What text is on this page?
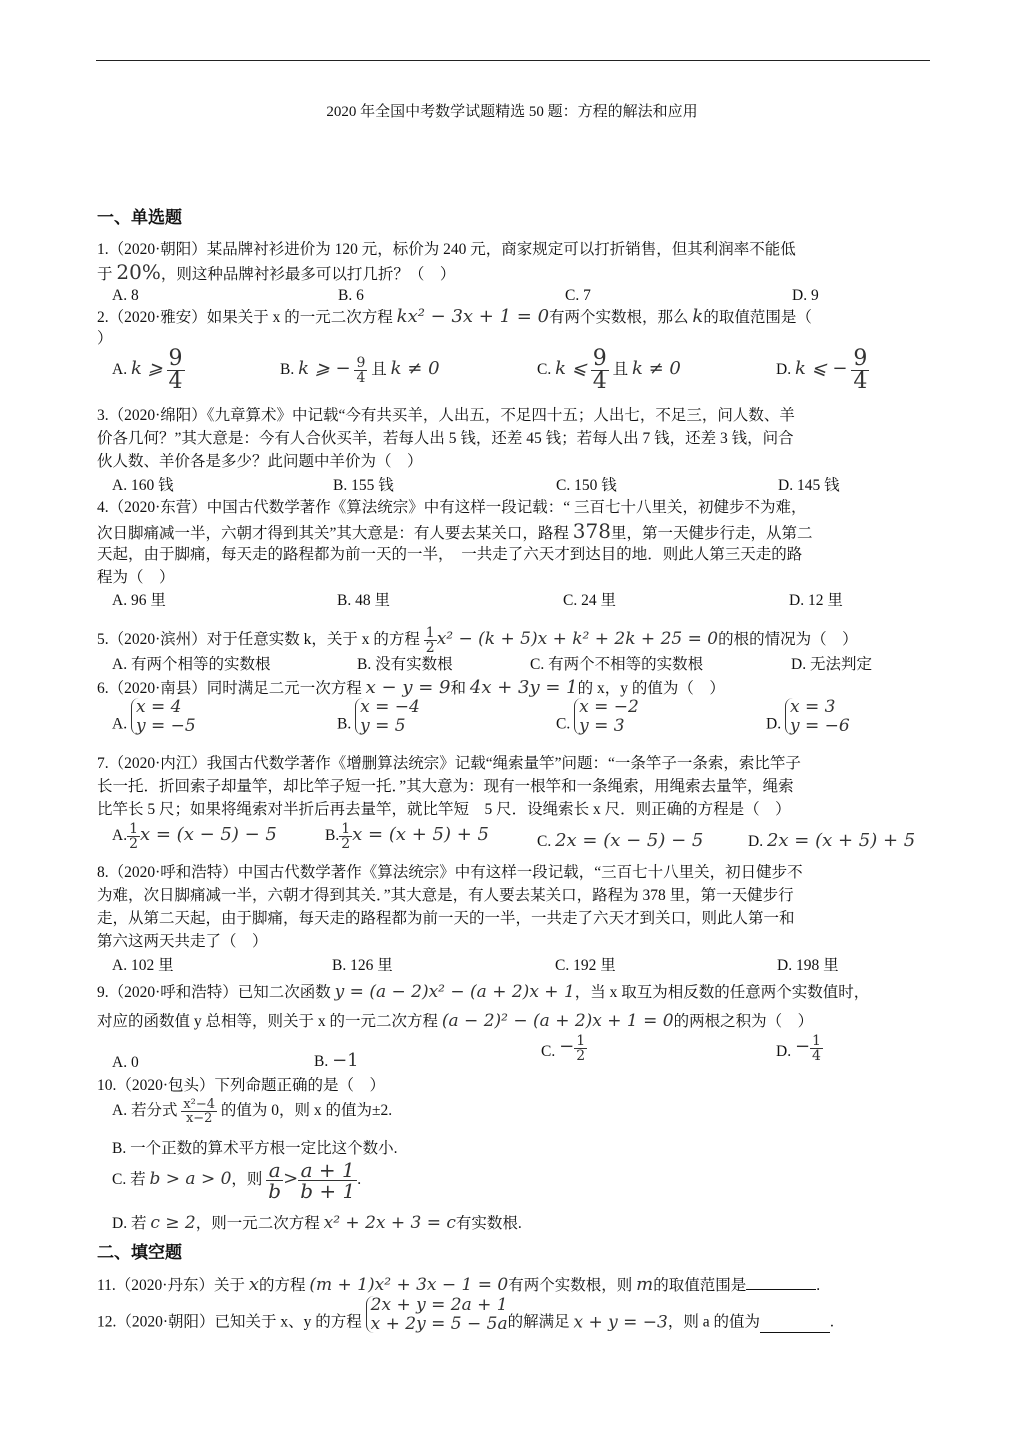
2020 年全国中考数学试题精选 50 题：方程的解法和应用
一、单选题
1.（2020·朝阳）某品牌衬衫进价为 120 元，标价为 240 元，商家规定可以打折销售，但其利润率不能低
于 20%，则这种品牌衬衫最多可以打几折？（　）
A. 8	B. 6	C. 7	D. 9
2.（2020·雅安）如果关于 x 的一元二次方程 kx² − 3x + 1 = 0有两个实数根，那么 k的取值范围是（
）
A. k ⩾ $\frac{9}{4}$	B. k ⩾ − $\frac{9}{4}$ 且 k ≠ 0	C. k ⩽ $\frac{9}{4}$ 且 k ≠ 0	D. k ⩽ − $\frac{9}{4}$
3.（2020·绵阳）《九章算术》中记载“今有共买羊，人出五，不足四十五；人出七，不足三，问人数、羊
价各几何？”其大意是：今有人合伙买羊，若每人出 5 钱，还差 45 钱；若每人出 7 钱，还差 3 钱，问合
伙人数、羊价各是多少？此问题中羊价为（　）
A. 160 钱	B. 155 钱	C. 150 钱	D. 145 钱
4.（2020·东营）中国古代数学著作《算法统宗》中有这样一段记载：“ 三百七十八里关，初健步不为难，
次日脚痛减一半，六朝才得到其关”其大意是：有人要去某关口，路程 378里，第一天健步行走，从第二
天起，由于脚痛，每天走的路程都为前一天的一半，　一共走了六天才到达目的地．则此人第三天走的路
程为（　）
A. 96 里	B. 48 里	C. 24 里	D. 12 里
5.（2020·滨州）对于任意实数 k，关于 x 的方程 $\frac{1}{2} x^2 - (k + 5)x + k^2 + 2k + 25 = 0$的根的情况为（　）
A. 有两个相等的实数根	B. 没有实数根	C. 有两个不相等的实数根	D. 无法判定
6.（2020·南县）同时满足二元一次方程 x − y = 9和 4x + 3y = 1的 x，y 的值为（　）
A.
x = 4
y = −5	B.
x = −4
y = 5	C.
x = −2
y = 3	D.
x = 3
y = −6
7.（2020·内江）我国古代数学著作《增删算法统宗》记载“绳索量竿”问题：“一条竿子一条索，索比竿子
长一托．折回索子却量竿，却比竿子短一托．”其大意为：现有一根竿和一条绳索，用绳索去量竿，绳索
比竿长 5 尺；如果将绳索对半折后再去量竿，就比竿短　5 尺．设绳索长 x 尺．则正确的方程是（　）
A. $\frac{1}{2}$ x = (x − 5) − 5	B. $\frac{1}{2}$ x = (x + 5) + 5	C. 2x = (x − 5) − 5	D. 2x = (x + 5) + 5
8.（2020·呼和浩特）中国古代数学著作《算法统宗》中有这样一段记载，“三百七十八里关，初日健步不
为难，次日脚痛减一半，六朝才得到其关．”其大意是，有人要去某关口，路程为 378 里，第一天健步行
走，从第二天起，由于脚痛，每天走的路程都为前一天的一半，一共走了六天才到关口，则此人第一和
第六这两天共走了（　）
A. 102 里	B. 126 里	C. 192 里	D. 198 里
9.（2020·呼和浩特）已知二次函数 y = (a − 2)x² − (a + 2)x + 1，当 x 取互为相反数的任意两个实数值时，
对应的函数值 y 总相等，则关于 x 的一元二次方程 (a − 2)² − (a + 2)x + 1 = 0的两根之积为（　）
A. 0	B. −1	C. − $\frac{1}{2}$	D. − $\frac{1}{4}$
10.（2020·包头）下列命题正确的是（　）
A. 若分式 $\frac{\text{x²−4}}{x-2}$ 的值为 0，则 x 的值为±2.
B. 一个正数的算术平方根一定比这个数小.
C. 若 b > a > 0，则 $\frac{a}{b} > \frac{a + 1}{b + 1}$ .
D. 若 c ≥ 2，则一元二次方程 x² + 2x + 3 = c有实数根.
二、填空题
11.（2020·丹东）关于 x的方程 (m + 1)x² + 3x − 1 = 0有两个实数根，则 m的取值范围是	.
12.（2020·朝阳）已知关于 x、y 的方程
2x + y = 2a + 1
x + 2y = 5 − 5a 的解满足 x + y = −3，则 a 的值为	.
